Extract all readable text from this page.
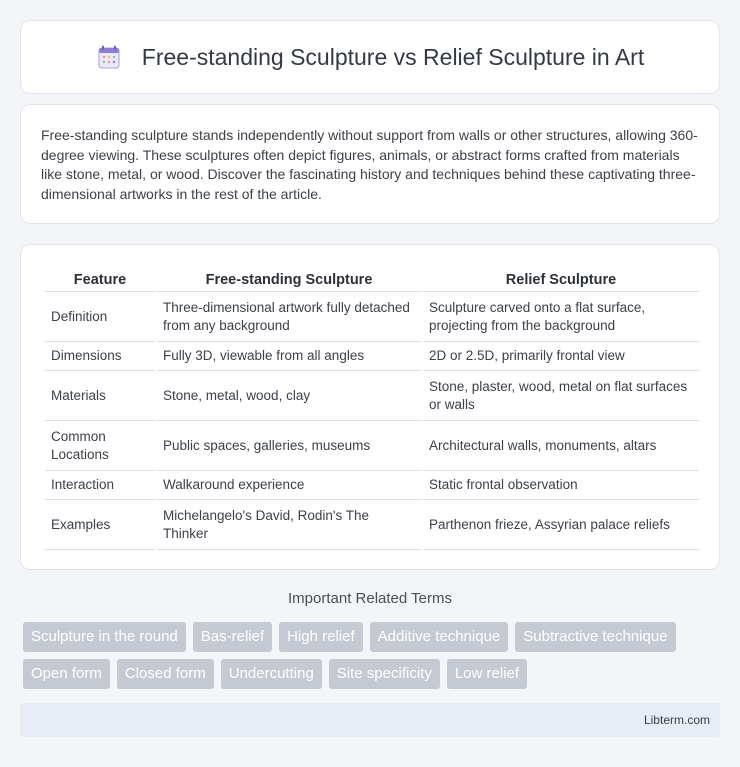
Free-standing Sculpture vs Relief Sculpture in Art

Free-standing sculpture stands independently without support from walls or other structures, allowing 360-degree viewing. These sculptures often depict figures, animals, or abstract forms crafted from materials like stone, metal, or wood. Discover the fascinating history and techniques behind these captivating three-dimensional artworks in the rest of the article.

Feature	Free-standing Sculpture	Relief Sculpture
Definition	Three-dimensional artwork fully detached from any background	Sculpture carved onto a flat surface, projecting from the background
Dimensions	Fully 3D, viewable from all angles	2D or 2.5D, primarily frontal view
Materials	Stone, metal, wood, clay	Stone, plaster, wood, metal on flat surfaces or walls
Common Locations	Public spaces, galleries, museums	Architectural walls, monuments, altars
Interaction	Walkaround experience	Static frontal observation
Examples	Michelangelo's David, Rodin's The Thinker	Parthenon frieze, Assyrian palace reliefs
Important Related Terms
Sculpture in the round	Bas-relief	High relief	Additive technique	Subtractive technique
Open form	Closed form	Undercutting	Site specificity	Low relief
Libterm.com
